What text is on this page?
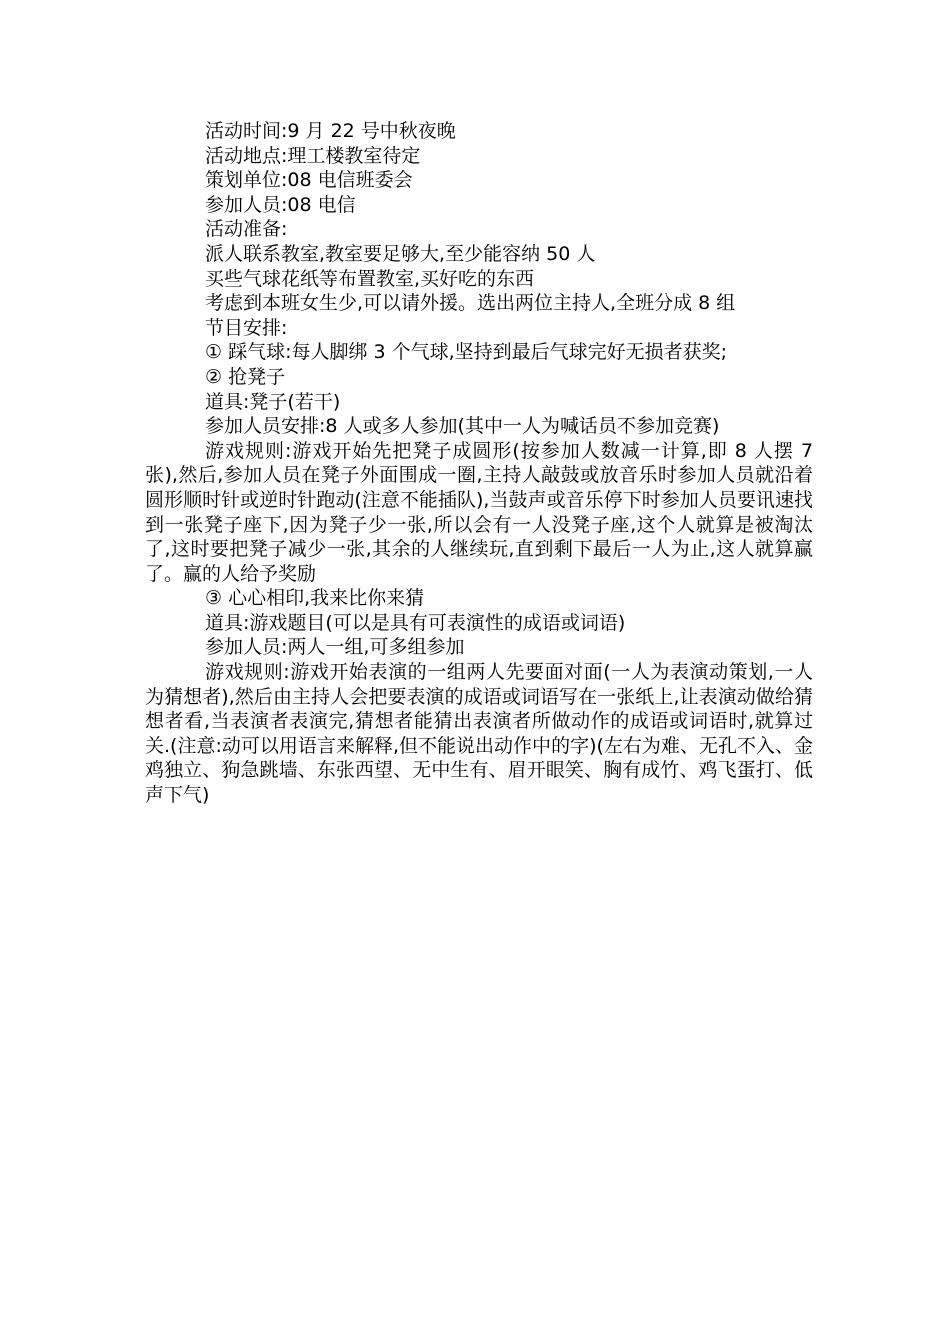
活动时间:9 月 22 号中秋夜晚

活动地点:理工楼教室待定

策划单位:08 电信班委会

参加人员:08 电信

活动准备:

派人联系教室,教室要足够大,至少能容纳 50 人

买些气球花纸等布置教室,买好吃的东西

考虑到本班女生少,可以请外援。选出两位主持人,全班分成 8 组

节目安排:

① 踩气球:每人脚绑 3 个气球,坚持到最后气球完好无损者获奖;

② 抢凳子

道具:凳子(若干)

参加人员安排:8 人或多人参加(其中一人为喊话员不参加竞赛)

游戏规则:游戏开始先把凳子成圆形(按参加人数减一计算,即 8 人摆 7 张),然后,参加人员在凳子外面围成一圈,主持人敲鼓或放音乐时参加人员就沿着圆形顺时针或逆时针跑动(注意不能插队),当鼓声或音乐停下时参加人员要讯速找到一张凳子座下,因为凳子少一张,所以会有一人没凳子座,这个人就算是被淘汰了,这时要把凳子减少一张,其余的人继续玩,直到剩下最后一人为止,这人就算赢了。赢的人给予奖励

③ 心心相印,我来比你来猜

道具:游戏题目(可以是具有可表演性的成语或词语)

参加人员:两人一组,可多组参加

游戏规则:游戏开始表演的一组两人先要面对面(一人为表演动策划,一人为猜想者),然后由主持人会把要表演的成语或词语写在一张纸上,让表演动做给猜想者看,当表演者表演完,猜想者能猜出表演者所做动作的成语或词语时,就算过关.(注意:动可以用语言来解释,但不能说出动作中的字)(左右为难、无孔不入、金鸡独立、狗急跳墙、东张西望、无中生有、眉开眼笑、胸有成竹、鸡飞蛋打、低声下气)
